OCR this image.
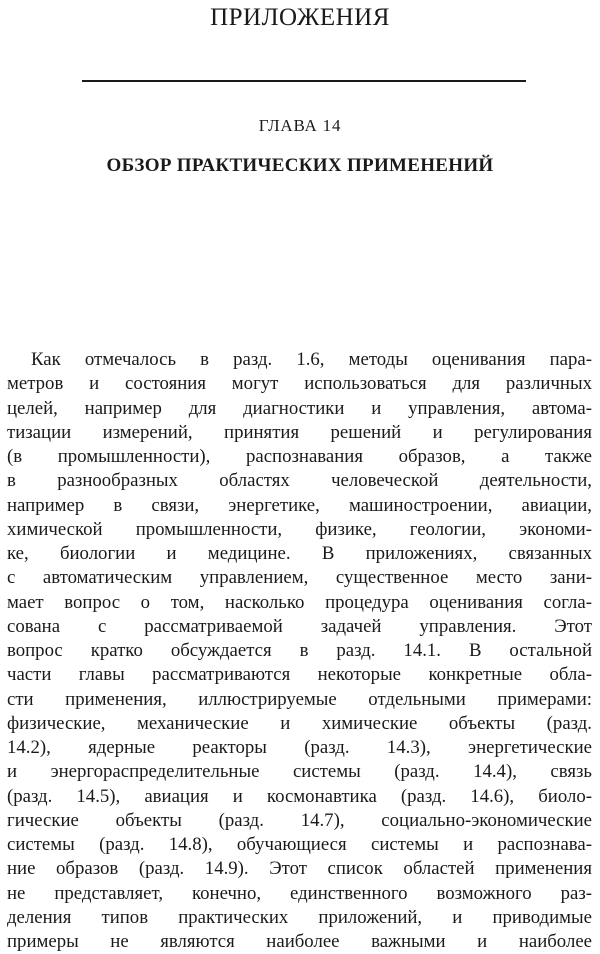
ПРИЛОЖЕНИЯ
ГЛАВА 14
ОБЗОР ПРАКТИЧЕСКИХ ПРИМЕНЕНИЙ
Как отмечалось в разд. 1.6, методы оценивания пара-
метров и состояния могут использоваться для различных
целей, например для диагностики и управления, автома-
тизации измерений, принятия решений и регулирования
(в промышленности), распознавания образов, а также
в разнообразных областях человеческой деятельности,
например в связи, энергетике, машиностроении, авиации,
химической промышленности, физике, геологии, экономи-
ке, биологии и медицине. В приложениях, связанных
с автоматическим управлением, существенное место зани-
мает вопрос о том, насколько процедура оценивания согла-
сована с рассматриваемой задачей управления. Этот
вопрос кратко обсуждается в разд. 14.1. В остальной
части главы рассматриваются некоторые конкретные обла-
сти применения, иллюстрируемые отдельными примерами:
физические, механические и химические объекты (разд.
14.2), ядерные реакторы (разд. 14.3), энергетические
и энергораспределительные системы (разд. 14.4), связь
(разд. 14.5), авиация и космонавтика (разд. 14.6), биоло-
гические объекты (разд. 14.7), социально-экономические
системы (разд. 14.8), обучающиеся системы и распознава-
ние образов (разд. 14.9). Этот список областей применения
не представляет, конечно, единственного возможного раз-
деления типов практических приложений, и приводимые
примеры не являются наиболее важными и наиболее
